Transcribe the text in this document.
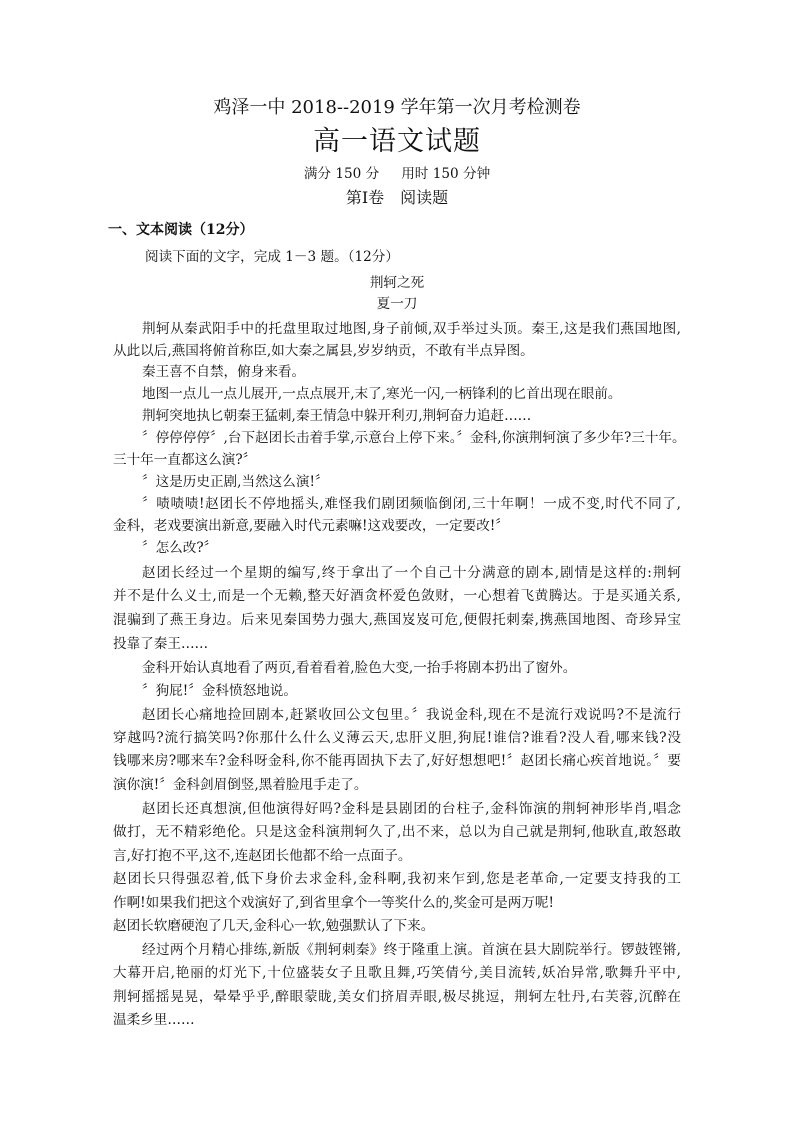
鸡泽一中 2018--2019 学年第一次月考检测卷
高一语文试题
满分 150 分 用时 150 分钟
第Ⅰ卷　阅读题
一、文本阅读（12分）
阅读下面的文字，完成 1－3 题。（12分）
荆轲之死
夏一刀
荆轲从秦武阳手中的托盘里取过地图,身子前倾,双手举过头顶。秦王,这是我们燕国地图,
从此以后,燕国将俯首称臣,如大秦之属县,岁岁纳贡，不敢有半点异图。
秦王喜不自禁，俯身来看。
地图一点儿一点儿展开,一点点展开,末了,寒光一闪,一柄锋利的匕首出现在眼前。
荆轲突地执匕朝秦王猛刺,秦王情急中躲开利刃,荆轲奋力追赶……
〞停停停停〞,台下赵团长击着手掌,示意台上停下来。〞金科,你演荆轲演了多少年?三十年。
三十年一直都这么演?〞
〞这是历史正剧,当然这么演!〞
〞啧啧啧!赵团长不停地摇头,难怪我们剧团频临倒闭,三十年啊！一成不变,时代不同了,
金科，老戏要演出新意,要融入时代元素嘛!这戏要改，一定要改!〞
〞怎么改?〞
赵团长经过一个星期的编写,终于拿出了一个自己十分满意的剧本,剧情是这样的:荆轲
并不是什么义士,而是一个无赖,整天好酒贪杯爱色敛财，一心想着飞黄腾达。于是买通关系,
混骗到了燕王身边。后来见秦国势力强大,燕国岌岌可危,便假托刺秦,携燕国地图、奇珍异宝
投靠了秦王……
金科开始认真地看了两页,看着看着,脸色大变,一抬手将剧本扔出了窗外。
〞狗屁!〞金科愤怒地说。
赵团长心痛地捡回剧本,赶紧收回公文包里。〞我说金科,现在不是流行戏说吗?不是流行
穿越吗?流行搞笑吗?你那什么什么义薄云天,忠肝义胆,狗屁!谁信?谁看?没人看,哪来钱?没
钱哪来房?哪来车?金科呀金科,你不能再固执下去了,好好想想吧!〞赵团长痛心疾首地说。〞要
演你演!〞金科剑眉倒竖,黑着脸甩手走了。
赵团长还真想演,但他演得好吗?金科是县剧团的台柱子,金科饰演的荆轲神形毕肖,唱念
做打，无不精彩绝伦。只是这金科演荆轲久了,出不来，总以为自己就是荆轲,他耿直,敢怒敢
言,好打抱不平,这不,连赵团长他都不给一点面子。
赵团长只得强忍着,低下身价去求金科,金科啊,我初来乍到,您是老革命,一定要支持我的工
作啊!如果我们把这个戏演好了,到省里拿个一等奖什么的,奖金可是两万呢!
赵团长软磨硬泡了几天,金科心一软,勉强默认了下来。
经过两个月精心排练,新版《荆轲刺秦》终于隆重上演。首演在县大剧院举行。锣鼓铿锵,
大幕开启,艳丽的灯光下,十位盛装女子且歌且舞,巧笑倩兮,美目流转,妖冶异常,歌舞升平中,
荆轲摇摇晃晃，晕晕乎乎,醉眼蒙眬,美女们挤眉弄眼,极尽挑逗，荆轲左牡丹,右芙蓉,沉醉在
温柔乡里……
